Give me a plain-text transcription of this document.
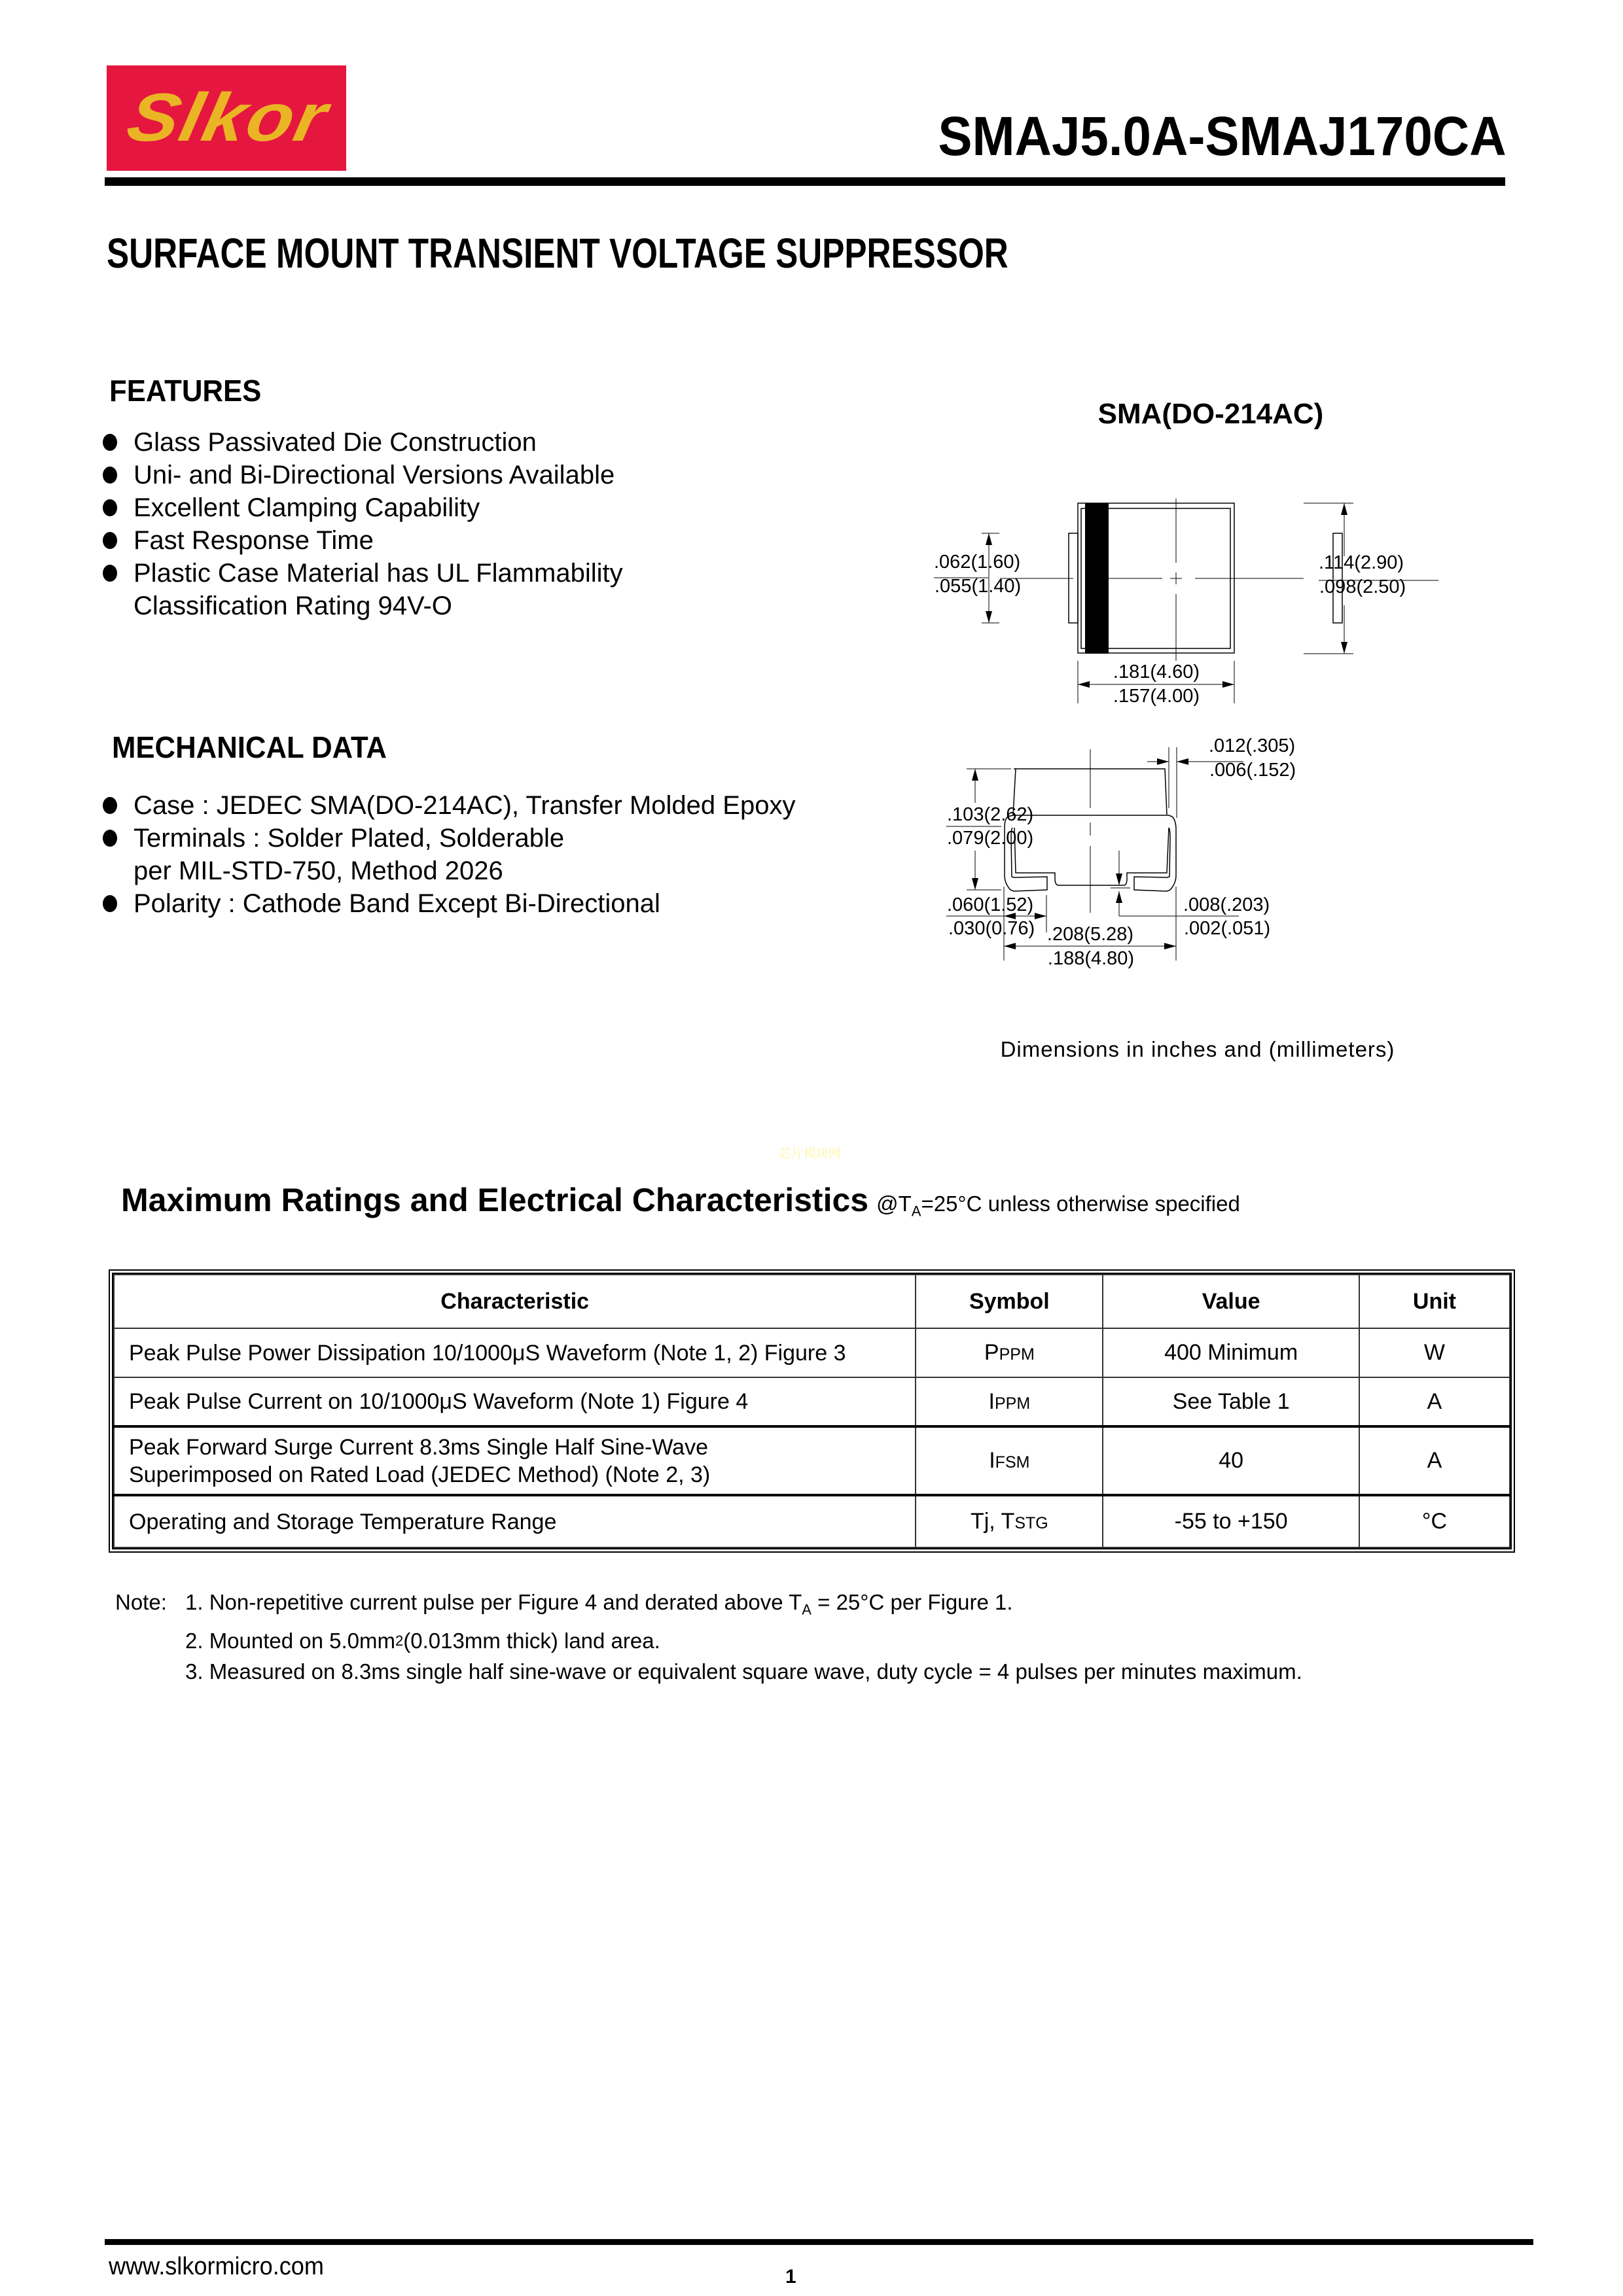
Slkor	SMAJ5.0A-SMAJ170CA
SURFACE MOUNT TRANSIENT VOLTAGE SUPPRESSOR
FEATURES
Glass Passivated Die Construction
Uni- and Bi-Directional Versions Available
Excellent Clamping Capability
Fast Response Time
Plastic Case Material has UL Flammability
Classification Rating 94V-O
MECHANICAL DATA
Case : JEDEC SMA(DO-214AC), Transfer Molded Epoxy
Terminals : Solder Plated, Solderable
per MIL-STD-750, Method 2026
Polarity : Cathode Band Except Bi-Directional
.062(1.60)
.055(1.40)
.114(2.90)
.098(2.50)
.181(4.60)
.157(4.00)
.012(.305)
.006(.152)
.103(2.62)
.079(2.00)
.060(1.52)
.030(0.76) .208(5.28)
.188(4.80)
.008(.203)
.002(.051)
SMA(DO-214AC)
Dimensions in inches and (millimeters)
芯片模块网
Maximum Ratings and Electrical Characteristics $@T_A=25^\circ C$ unless otherwise specified
Characteristic	Symbol	Value	Unit

Peak Pulse Power Dissipation 10/1000μS Waveform (Note 1, 2) Figure 3	PPPM	400 Minimum	W

Peak Pulse Current on 10/1000μS Waveform (Note 1) Figure 4	IPPM	See Table 1	A

Peak Forward Surge Current 8.3ms Single Half Sine-Wave
Superimposed on Rated Load (JEDEC Method) (Note 2, 3)	IFSM	40	A

Operating and Storage Temperature Range	Tj, TSTG	-55 to +150	°C
Note: 1. Non-repetitive current pulse per Figure 4 and derated above $T_A = 25^\circ C$ per Figure 1.
2. Mounted on 5.0mm 2 (0.013mm thick) land area.
3. Measured on 8.3ms single half sine-wave or equivalent square wave, duty cycle = 4 pulses per minutes maximum.
www.slkormicro.com	1
